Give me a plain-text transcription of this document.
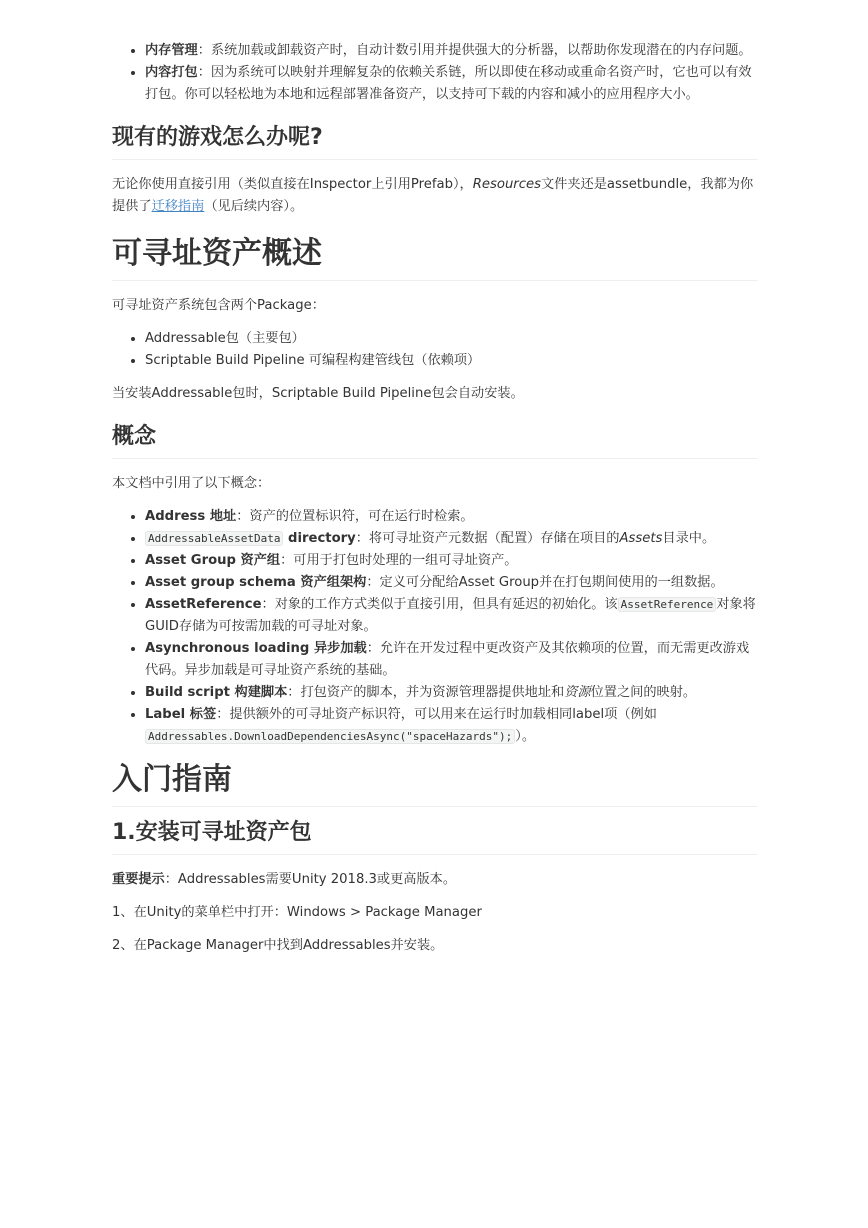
• 内存管理：系统加载或卸载资产时，自动计数引用并提供强大的分析器，以帮助你发现潜在的内存问题。
• 内容打包：因为系统可以映射并理解复杂的依赖关系链，所以即使在移动或重命名资产时，它也可以有效打包。你可以轻松地为本地和远程部署准备资产，以支持可下载的内容和减小的应用程序大小。
现有的游戏怎么办呢?

无论你使用直接引用（类似直接在Inspector上引用Prefab），Resources文件夹还是assetbundle，我都为你提供了迁移指南（见后续内容）。

可寻址资产概述

可寻址资产系统包含两个Package：

• Addressable包（主要包）
• Scriptable Build Pipeline 可编程构建管线包（依赖项）

当安装Addressable包时，Scriptable Build Pipeline包会自动安装。

概念

本文档中引用了以下概念：

• Address 地址：资产的位置标识符，可在运行时检索。
• AddressableAssetData directory：将可寻址资产元数据（配置）存储在项目的Assets目录中。
• Asset Group 资产组：可用于打包时处理的一组可寻址资产。
• Asset group schema 资产组架构：定义可分配给Asset Group并在打包期间使用的一组数据。
• AssetReference：对象的工作方式类似于直接引用，但具有延迟的初始化。该 AssetReference 对象将GUID存储为可按需加载的可寻址对象。
• Asynchronous loading 异步加载：允许在开发过程中更改资产及其依赖项的位置，而无需更改游戏代码。异步加载是可寻址资产系统的基础。
• Build script 构建脚本：打包资产的脚本，并为资源管理器提供地址和资源位置之间的映射。
• Label 标签：提供额外的可寻址资产标识符，可以用来在运行时加载相同label项（例如Addressables.DownloadDependenciesAsync("spaceHazards"); ）。
入门指南
1.安装可寻址资产包

重要提示：Addressables需要Unity 2018.3或更高版本。

1、在Unity的菜单栏中打开：Windows > Package Manager

2、在Package Manager中找到Addressables并安装。
